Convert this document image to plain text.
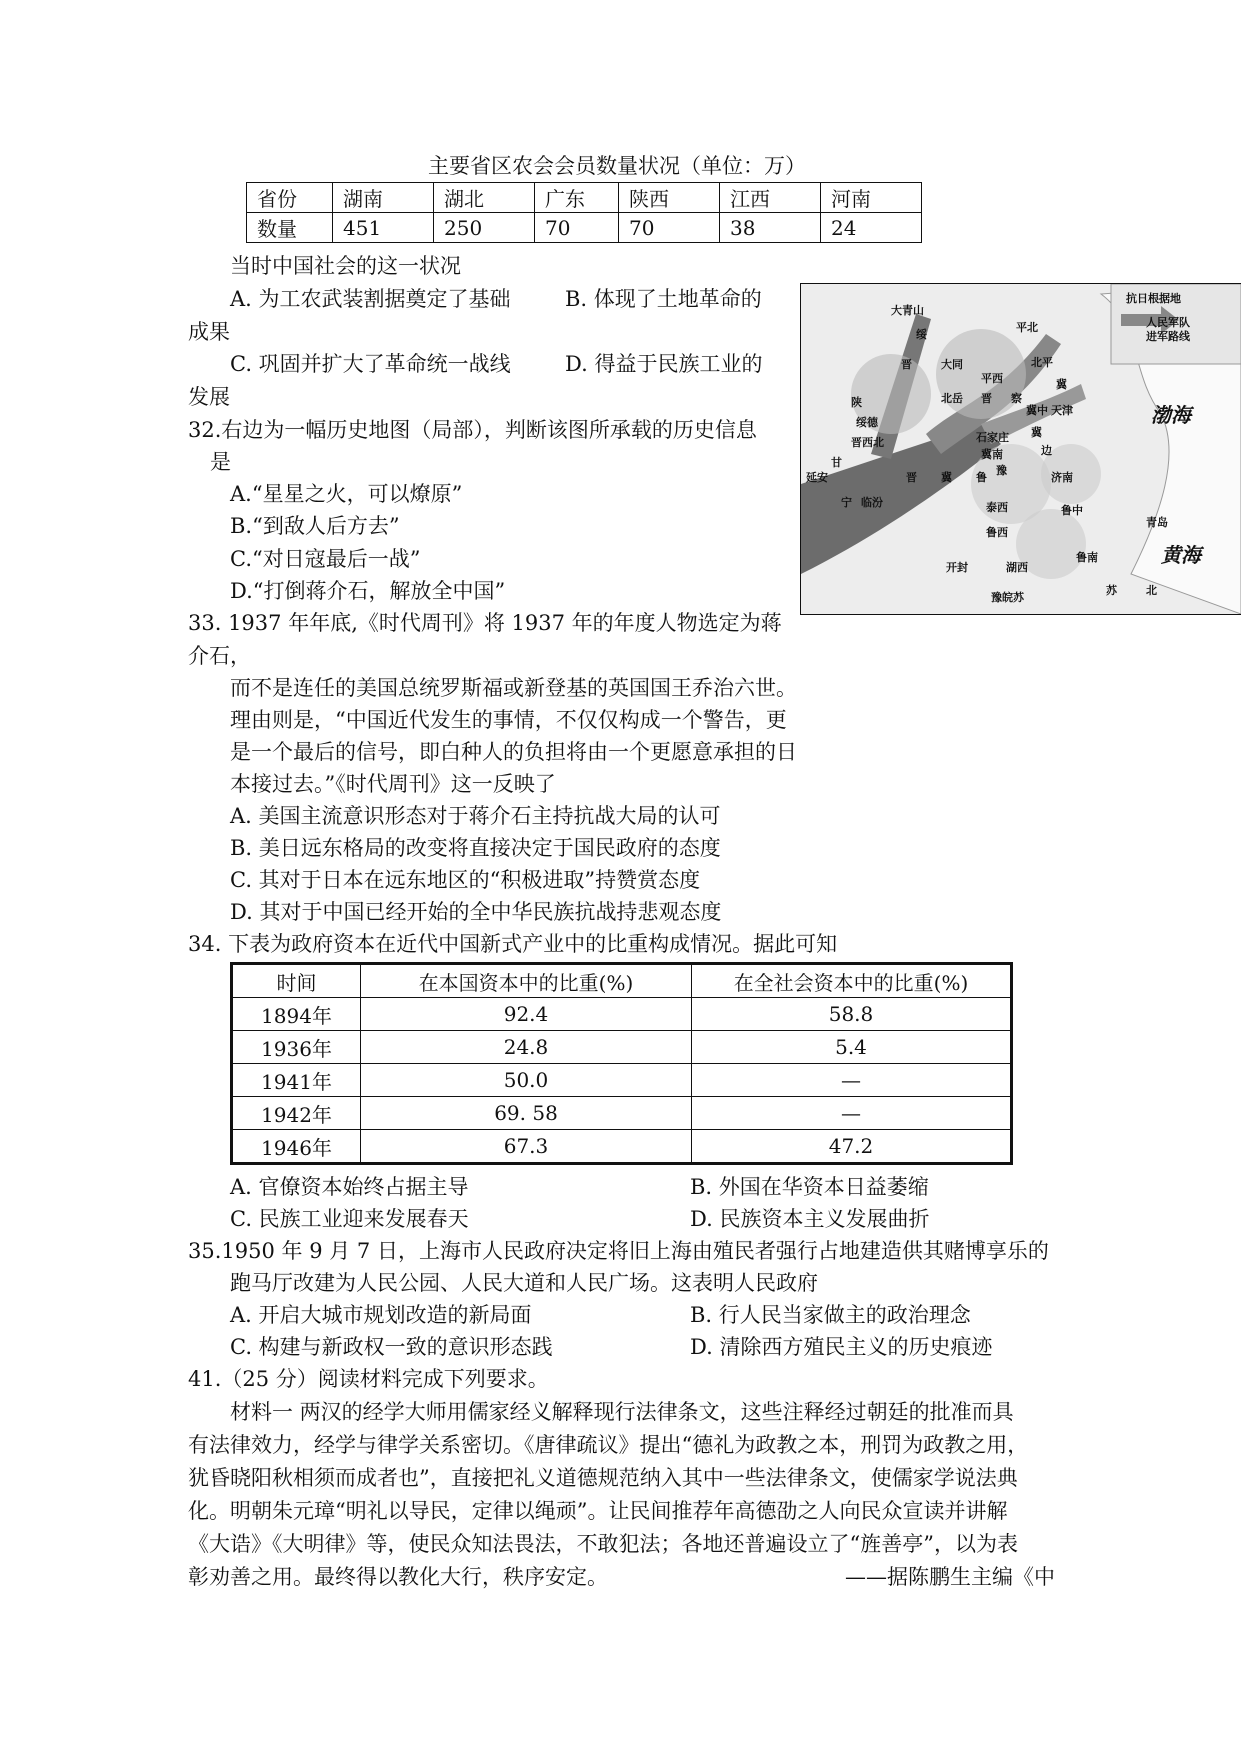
主要省区农会会员数量状况（单位：万）
省份	湖南	湖北	广东	陕西	江西	河南
数量	451	250	70	70	38	24
当时中国社会的这一状况
A. 为工农武装割据奠定了基础	B. 体现了土地革命的
成果
C. 巩固并扩大了革命统一战线	D. 得益于民族工业的
发展
32.右边为一幅历史地图（局部），判断该图所承载的历史信息
是
A.“星星之火，可以燎原”
B.“到敌人后方去”
C.“对日寇最后一战”
D.“打倒蒋介石，解放全中国”
抗日根据地
人民军队
进军路线
大青山
绥
平北
晋	大同	北平
平西	冀
陕	北岳 晋 察
冀中 天津	渤海
绥德
石家庄 冀
甘
晋西北
宁
延安
临汾
晋 冀 鲁
豫
冀南	边
济南
泰西	鲁中
鲁西
青岛
黄海
开封	湖西
鲁南
豫皖苏
苏	北
33. 1937 年年底,《时代周刊》将 1937 年的年度人物选定为蒋
介石，
而不是连任的美国总统罗斯福或新登基的英国国王乔治六世。
理由则是，“中国近代发生的事情，不仅仅构成一个警告，更
是一个最后的信号，即白种人的负担将由一个更愿意承担的日
本接过去。”《时代周刊》这一反映了
A. 美国主流意识形态对于蒋介石主持抗战大局的认可
B. 美日远东格局的改变将直接决定于国民政府的态度
C. 其对于日本在远东地区的“积极进取”持赞赏态度
D. 其对于中国已经开始的全中华民族抗战持悲观态度
34. 下表为政府资本在近代中国新式产业中的比重构成情况。据此可知
时间	在本国资本中的比重(%)	在全社会资本中的比重(%)
1894年	92.4	58.8
1936年	24.8	5.4
1941年	50.0	—
1942年	69. 58	—
1946年	67.3	47.2
A. 官僚资本始终占据主导	B. 外国在华资本日益萎缩
C. 民族工业迎来发展春天	D. 民族资本主义发展曲折
35.1950 年 9 月 7 日，上海市人民政府决定将旧上海由殖民者强行占地建造供其赌博享乐的
跑马厅改建为人民公园、人民大道和人民广场。这表明人民政府
A. 开启大城市规划改造的新局面	B. 行人民当家做主的政治理念
C. 构建与新政权一致的意识形态践	D. 清除西方殖民主义的历史痕迹
41.（25 分）阅读材料完成下列要求。
材料一 两汉的经学大师用儒家经义解释现行法律条文，这些注释经过朝廷的批准而具
有法律效力，经学与律学关系密切。《唐律疏议》提出“德礼为政教之本，刑罚为政教之用，
犹昏晓阳秋相须而成者也”，直接把礼义道德规范纳入其中一些法律条文，使儒家学说法典
化。明朝朱元璋“明礼以导民，定律以绳顽”。让民间推荐年高德劭之人向民众宣读并讲解
《大诰》《大明律》等，使民众知法畏法，不敢犯法；各地还普遍设立了“旌善亭”，以为表
彰劝善之用。最终得以教化大行，秩序安定。	——据陈鹏生主编《中
